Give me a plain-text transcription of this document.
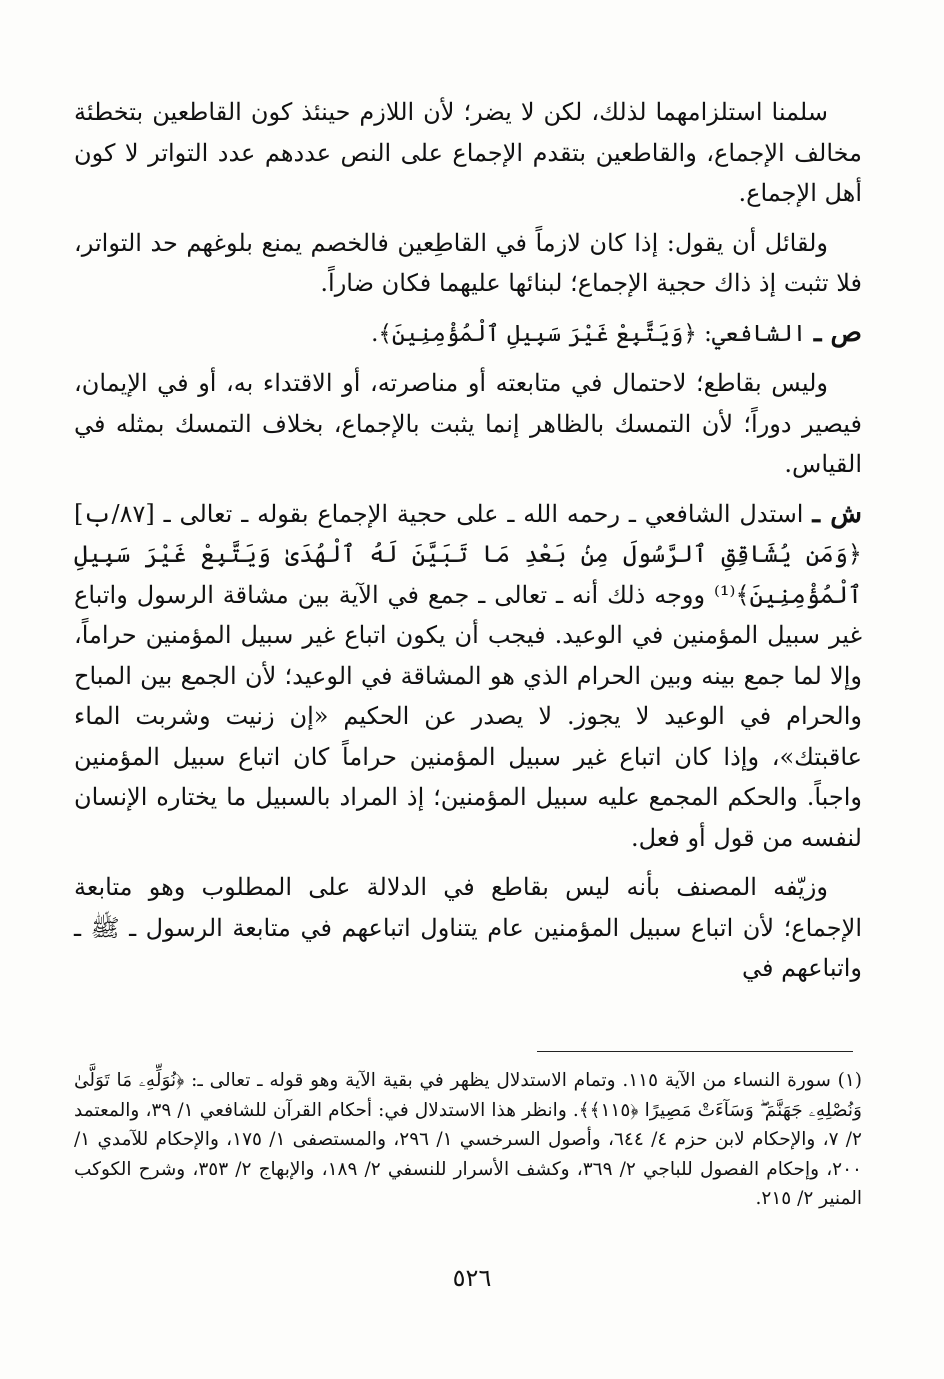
سلمنا استلزامهما لذلك، لكن لا يضر؛ لأن اللازم حينئذ كون القاطعين بتخطئة مخالف الإجماع، والقاطعين بتقدم الإجماع على النص عددهم عدد التواتر لا كون أهل الإجماع.

ولقائل أن يقول: إذا كان لازماً في القاطِعين فالخصم يمنع بلوغهم حد التواتر، فلا تثبت إذ ذاك حجية الإجماع؛ لبنائها عليهما فكان ضاراً.

ص ـ الشافعي: ﴿وَيَتَّبِعْ غَيْرَ سَبِيلِ ٱلْمُؤْمِنِينَ﴾.

وليس بقاطع؛ لاحتمال في متابعته أو مناصرته، أو الاقتداء به، أو في الإيمان، فيصير دوراً؛ لأن التمسك بالظاهر إنما يثبت بالإجماع، بخلاف التمسك بمثله في القياس.

ش ـ استدل الشافعي ـ رحمه الله ـ على حجية الإجماع بقوله ـ تعالى ـ [٨٧/ب] ﴿وَمَن يُشَاقِقِ ٱلرَّسُولَ مِنۢ بَعْدِ مَا تَبَيَّنَ لَهُ ٱلْهُدَىٰ وَيَتَّبِعْ غَيْرَ سَبِيلِ ٱلْمُؤْمِنِينَ﴾⁽¹⁾ ووجه ذلك أنه ـ تعالى ـ جمع في الآية بين مشاقة الرسول واتباع غير سبيل المؤمنين في الوعيد. فيجب أن يكون اتباع غير سبيل المؤمنين حراماً، وإلا لما جمع بينه وبين الحرام الذي هو المشاقة في الوعيد؛ لأن الجمع بين المباح والحرام في الوعيد لا يجوز. لا يصدر عن الحكيم «إن زنيت وشربت الماء عاقبتك»، وإذا كان اتباع غير سبيل المؤمنين حراماً كان اتباع سبيل المؤمنين واجباً. والحكم المجمع عليه سبيل المؤمنين؛ إذ المراد بالسبيل ما يختاره الإنسان لنفسه من قول أو فعل.

وزيّفه المصنف بأنه ليس بقاطع في الدلالة على المطلوب وهو متابعة الإجماع؛ لأن اتباع سبيل المؤمنين عام يتناول اتباعهم في متابعة الرسول ـ ﷺ ـ واتباعهم في

(١) سورة النساء من الآية ١١٥. وتمام الاستدلال يظهر في بقية الآية وهو قوله ـ تعالى ـ: ﴿نُوَلِّهِۦ مَا تَوَلَّىٰ وَنُصْلِهِۦ جَهَنَّمَ ۖ وَسَآءَتْ مَصِيرًا ﴿١١٥﴾﴾. وانظر هذا الاستدلال في: أحكام القرآن للشافعي ١/ ٣٩، والمعتمد ٢/ ٧، والإحكام لابن حزم ٤/ ٦٤٤، وأصول السرخسي ١/ ٢٩٦، والمستصفى ١/ ١٧٥، والإحكام للآمدي ١/ ٢٠٠، وإحكام الفصول للباجي ٢/ ٣٦٩، وكشف الأسرار للنسفي ٢/ ١٨٩، والإبهاج ٢/ ٣٥٣، وشرح الكوكب المنير ٢/ ٢١٥.
٥٢٦
